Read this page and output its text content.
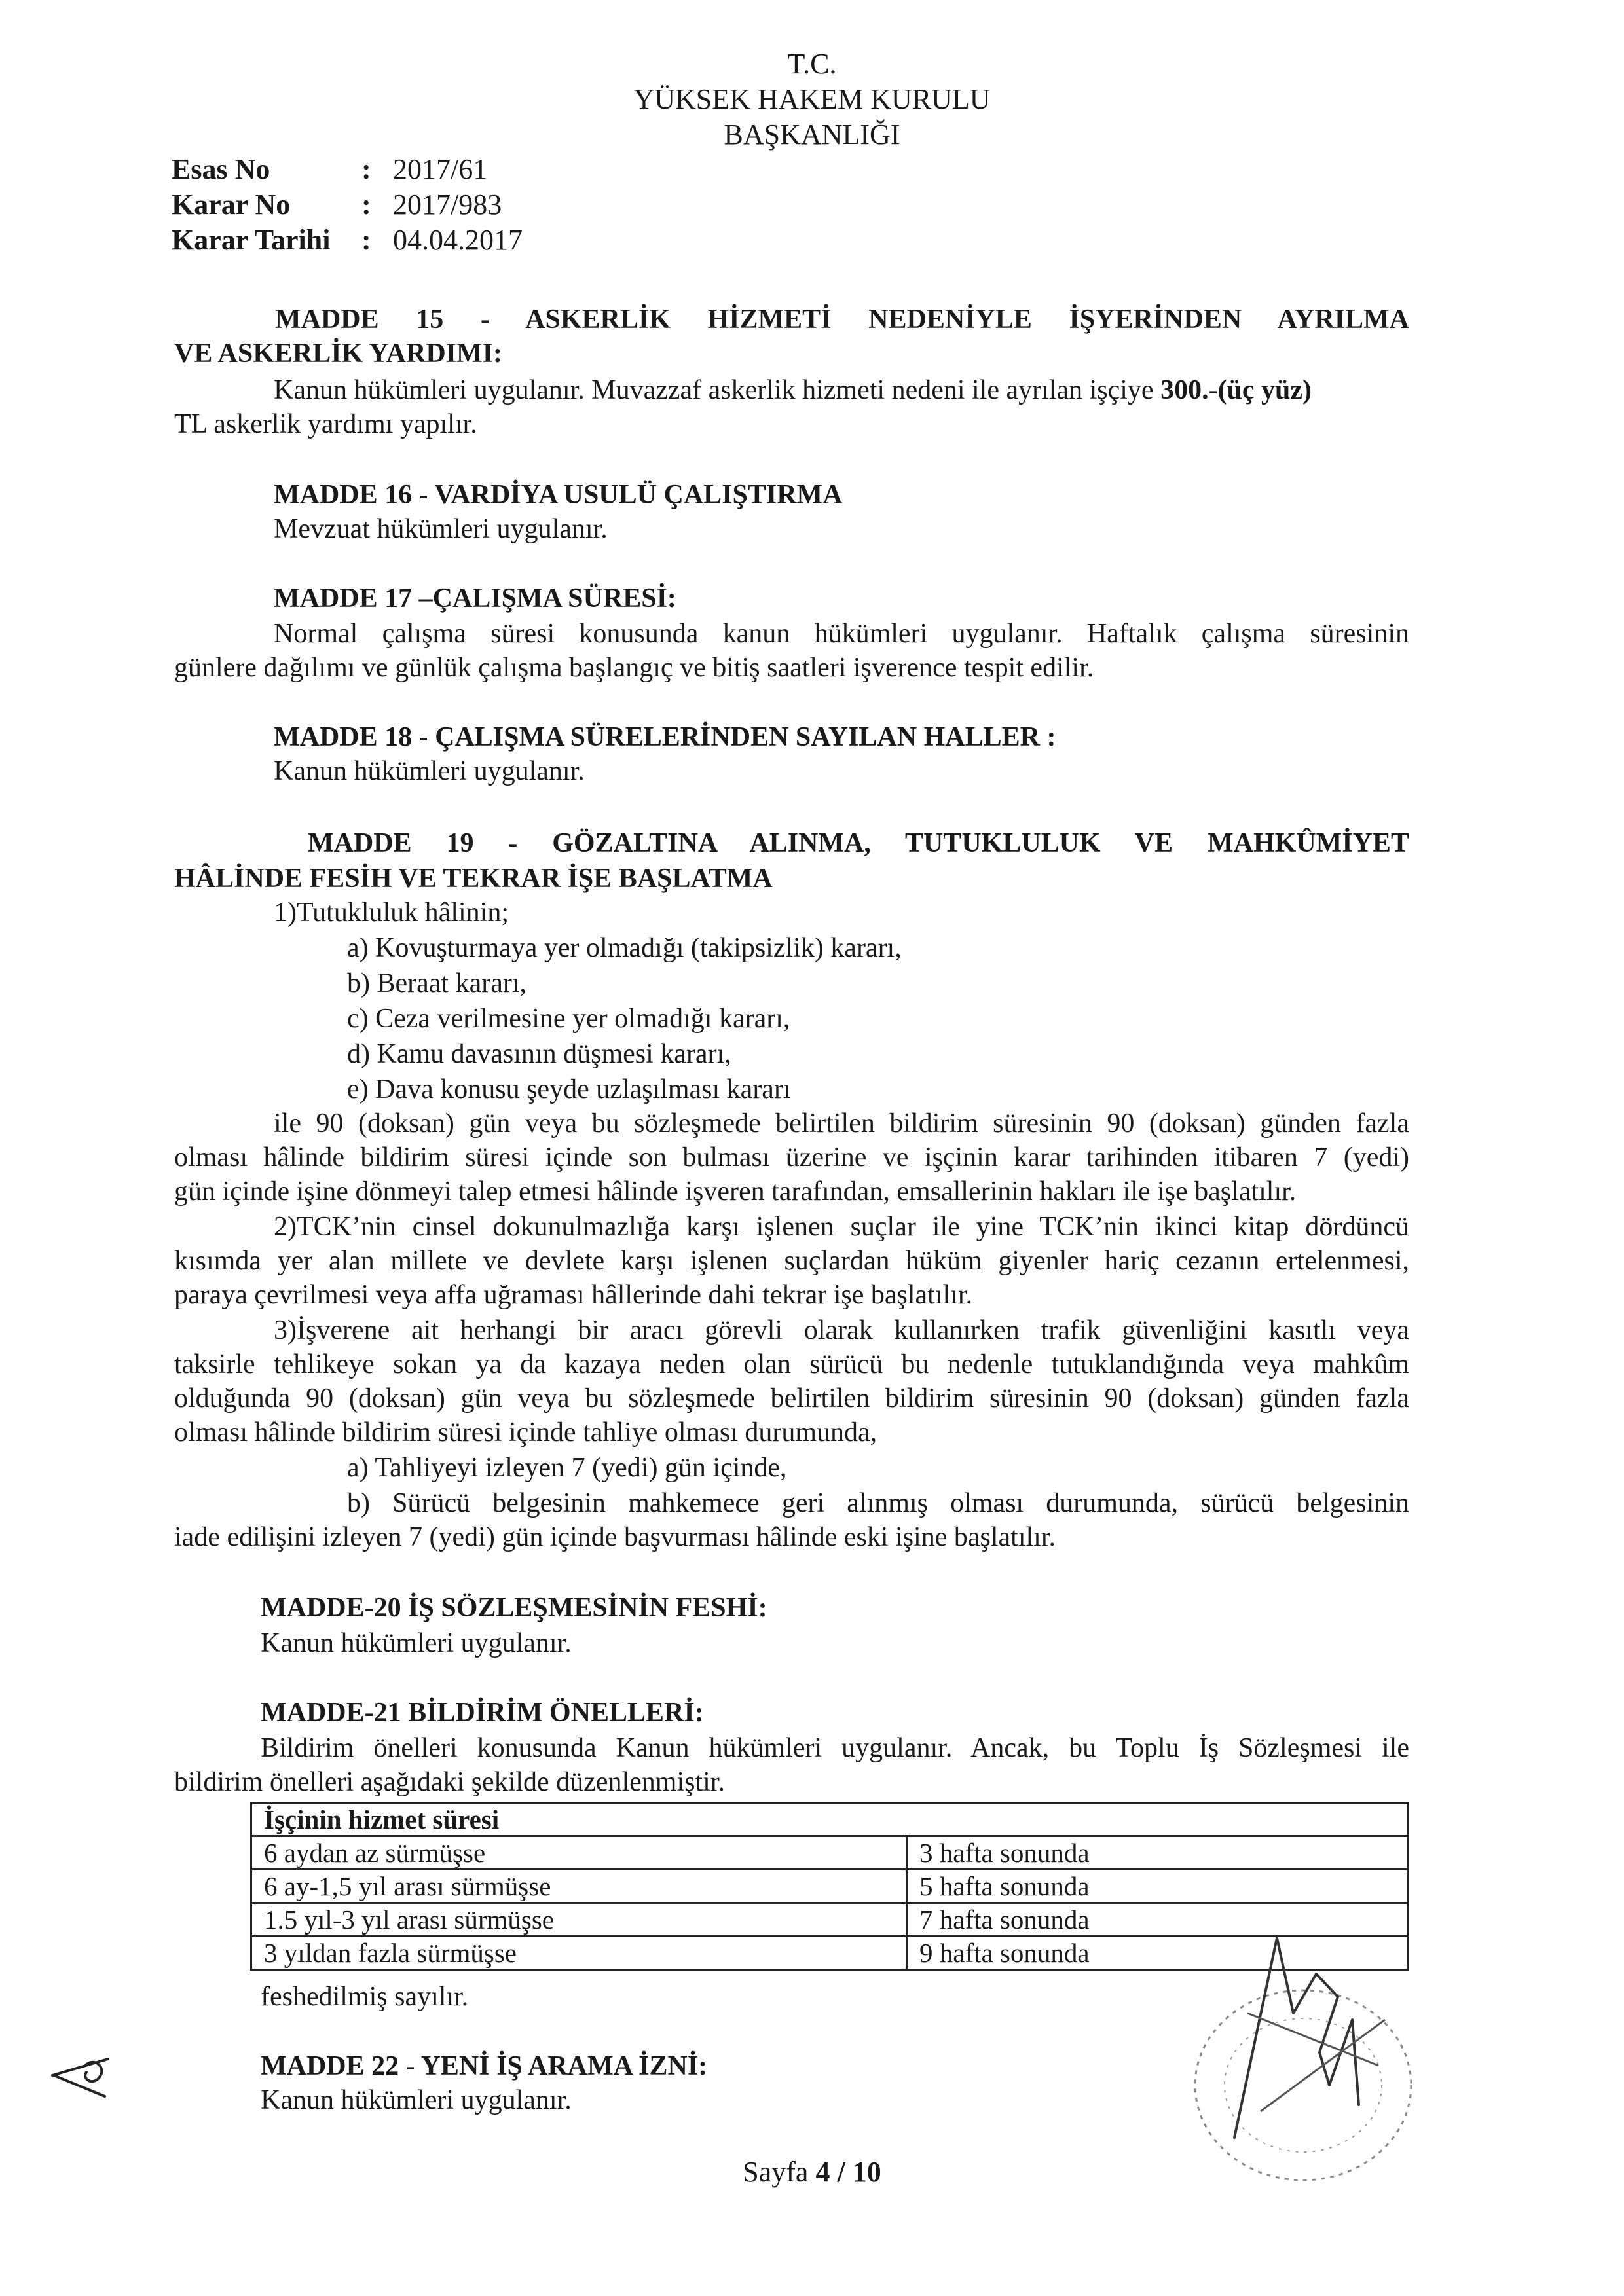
T.C.
YÜKSEK HAKEM KURULU
BAŞKANLIĞI
Esas No	: 2017/61
Karar No : 2017/983
Karar Tarihi : 04.04.2017
MADDE 15 - ASKERLİK HİZMETİ NEDENİYLE İŞYERİNDEN AYRILMA
VE ASKERLİK YARDIMI:
Kanun hükümleri uygulanır. Muvazzaf askerlik hizmeti nedeni ile ayrılan işçiye 300.-(üç yüz)
TL askerlik yardımı yapılır.
MADDE 16 - VARDİYA USULÜ ÇALIŞTIRMA
Mevzuat hükümleri uygulanır.
MADDE 17 –ÇALIŞMA SÜRESİ:
Normal çalışma süresi konusunda kanun hükümleri uygulanır. Haftalık çalışma süresinin
günlere dağılımı ve günlük çalışma başlangıç ve bitiş saatleri işverence tespit edilir.
MADDE 18 - ÇALIŞMA SÜRELERİNDEN SAYILAN HALLER :
Kanun hükümleri uygulanır.
MADDE 19 - GÖZALTINA ALINMA, TUTUKLULUK VE MAHKÛMİYET
HÂLİNDE FESİH VE TEKRAR İŞE BAŞLATMA
1)Tutukluluk hâlinin;
a) Kovuşturmaya yer olmadığı (takipsizlik) kararı,
b) Beraat kararı,
c) Ceza verilmesine yer olmadığı kararı,
d) Kamu davasının düşmesi kararı,
e) Dava konusu şeyde uzlaşılması kararı
ile 90 (doksan) gün veya bu sözleşmede belirtilen bildirim süresinin 90 (doksan) günden fazla
olması hâlinde bildirim süresi içinde son bulması üzerine ve işçinin karar tarihinden itibaren 7 (yedi)
gün içinde işine dönmeyi talep etmesi hâlinde işveren tarafından, emsallerinin hakları ile işe başlatılır.
2)TCK’nin cinsel dokunulmazlığa karşı işlenen suçlar ile yine TCK’nin ikinci kitap dördüncü
kısımda yer alan millete ve devlete karşı işlenen suçlardan hüküm giyenler hariç cezanın ertelenmesi,
paraya çevrilmesi veya affa uğraması hâllerinde dahi tekrar işe başlatılır.
3)İşverene ait herhangi bir aracı görevli olarak kullanırken trafik güvenliğini kasıtlı veya
taksirle tehlikeye sokan ya da kazaya neden olan sürücü bu nedenle tutuklandığında veya mahkûm
olduğunda 90 (doksan) gün veya bu sözleşmede belirtilen bildirim süresinin 90 (doksan) günden fazla
olması hâlinde bildirim süresi içinde tahliye olması durumunda,
a) Tahliyeyi izleyen 7 (yedi) gün içinde,
b) Sürücü belgesinin mahkemece geri alınmış olması durumunda, sürücü belgesinin
iade edilişini izleyen 7 (yedi) gün içinde başvurması hâlinde eski işine başlatılır.
MADDE-20 İŞ SÖZLEŞMESİNİN FESHİ:
Kanun hükümleri uygulanır.
MADDE-21 BİLDİRİM ÖNELLERİ:
Bildirim önelleri konusunda Kanun hükümleri uygulanır. Ancak, bu Toplu İş Sözleşmesi ile
bildirim önelleri aşağıdaki şekilde düzenlenmiştir.
İşçinin hizmet süresi	
6 aydan az sürmüşse	3 hafta sonunda
6 ay-1,5 yıl arası sürmüşse	5 hafta sonunda
1.5 yıl-3 yıl arası sürmüşse	7 hafta sonunda
3 yıldan fazla sürmüşse	9 hafta sonunda
feshedilmiş sayılır.
MADDE 22 - YENİ İŞ ARAMA İZNİ:
Kanun hükümleri uygulanır.
Sayfa 4 / 10
